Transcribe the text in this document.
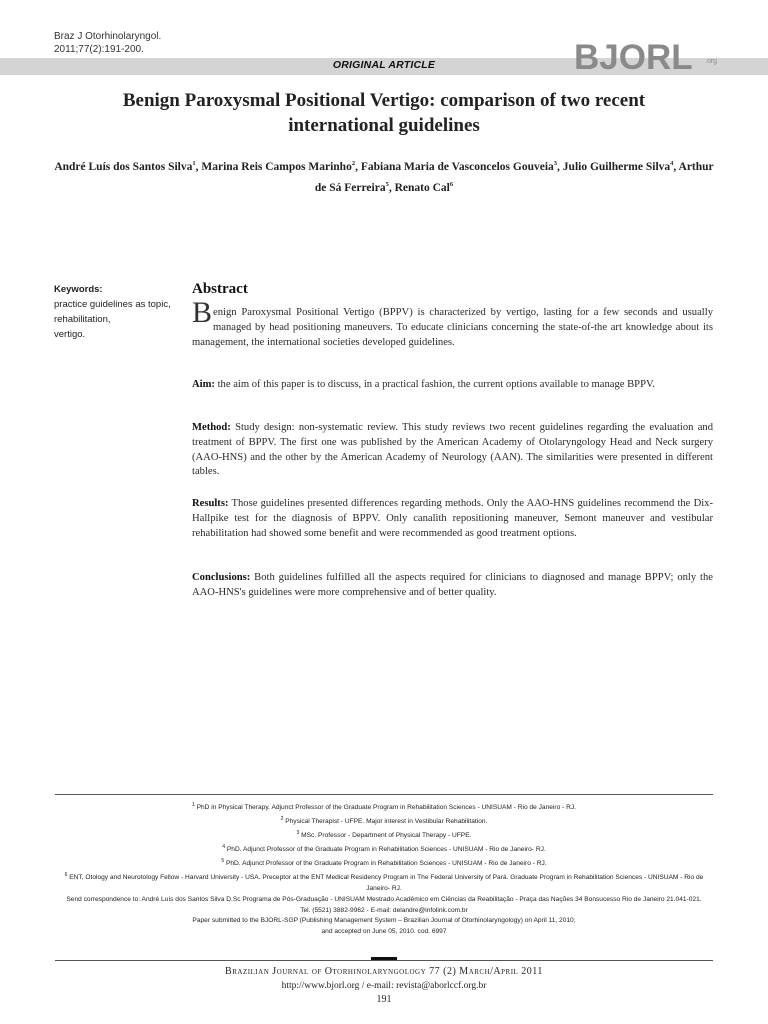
Braz J Otorhinolaryngol.
2011;77(2):191-200.
ORIGINAL ARTICLE	BJORL .org
Benign Paroxysmal Positional Vertigo: comparison of two recent
international guidelines
André Luís dos Santos Silva$^1$, Marina Reis Campos Marinho$^2$, Fabiana Maria de Vasconcelos Gouveia$^3$, Julio Guilherme Silva$^4$, Arthur de Sá Ferreira$^5$, Renato Cal$^6$
Keywords:
practice guidelines as topic,
rehabilitation,
vertigo.
Abstract
Benign Paroxysmal Positional Vertigo (BPPV) is characterized by vertigo, lasting for a few seconds and usually managed by head positioning maneuvers. To educate clinicians concerning the state-of-the art knowledge about its management, the international societies developed guidelines.
Aim: the aim of this paper is to discuss, in a practical fashion, the current options available to manage BPPV.
Method: Study design: non-systematic review. This study reviews two recent guidelines regarding the evaluation and treatment of BPPV. The first one was published by the American Academy of Otolaryngology Head and Neck surgery (AAO-HNS) and the other by the American Academy of Neurology (AAN). The similarities were presented in different tables.
Results: Those guidelines presented differences regarding methods. Only the AAO-HNS guidelines recommend the Dix-Hallpike test for the diagnosis of BPPV. Only canalith repositioning maneuver, Semont maneuver and vestibular rehabilitation had showed some benefit and were recommended as good treatment options.
Conclusions: Both guidelines fulfilled all the aspects required for clinicians to diagnosed and manage BPPV; only the AAO-HNS's guidelines were more comprehensive and of better quality.
$^1$ PhD in Physical Therapy. Adjunct Professor of the Graduate Program in Rehabilitation Sciences - UNISUAM - Rio de Janeiro - RJ.
$^2$ Physical Therapist - UFPE. Major interest in Vestibular Rehabilitation.
$^3$ MSc. Professor - Department of Physical Therapy - UFPE.
$^4$ PhD. Adjunct Professor of the Graduate Program in Rehabilitation Sciences - UNISUAM - Rio de Janeiro- RJ.
$^5$ PhD. Adjunct Professor of the Graduate Program in Rehabilitation Sciences - UNISUAM - Rio de Janeiro - RJ.
$^6$ ENT, Otology and Neurotology Fellow - Harvard University - USA. Preceptor at the ENT Medical Residency Program in The Federal University of Pará. Graduate Program in Rehabilitation Sciences - UNISUAM - Rio de Janeiro- RJ.
Send correspondence to: André Luís dos Santos Silva D.Sc Programa de Pós-Graduação - UNISUAM Mestrado Acadêmico em Ciências da Reabilitação - Praça das Nações 34 Bonsucesso Rio de Janeiro 21.041-021.
Tel. (5521) 3882-9962 - E-mail: delandre@infolink.com.br
Paper submitted to the BJORL-SGP (Publishing Management System – Brazilian Journal of Otorhinolaryngology) on April 11, 2010;
and accepted on June 05, 2010. cod. 6997
Brazilian Journal of Otorhinolaryngology 77 (2) March/April 2011
http://www.bjorl.org / e-mail: revista@aborlccf.org.br
191
